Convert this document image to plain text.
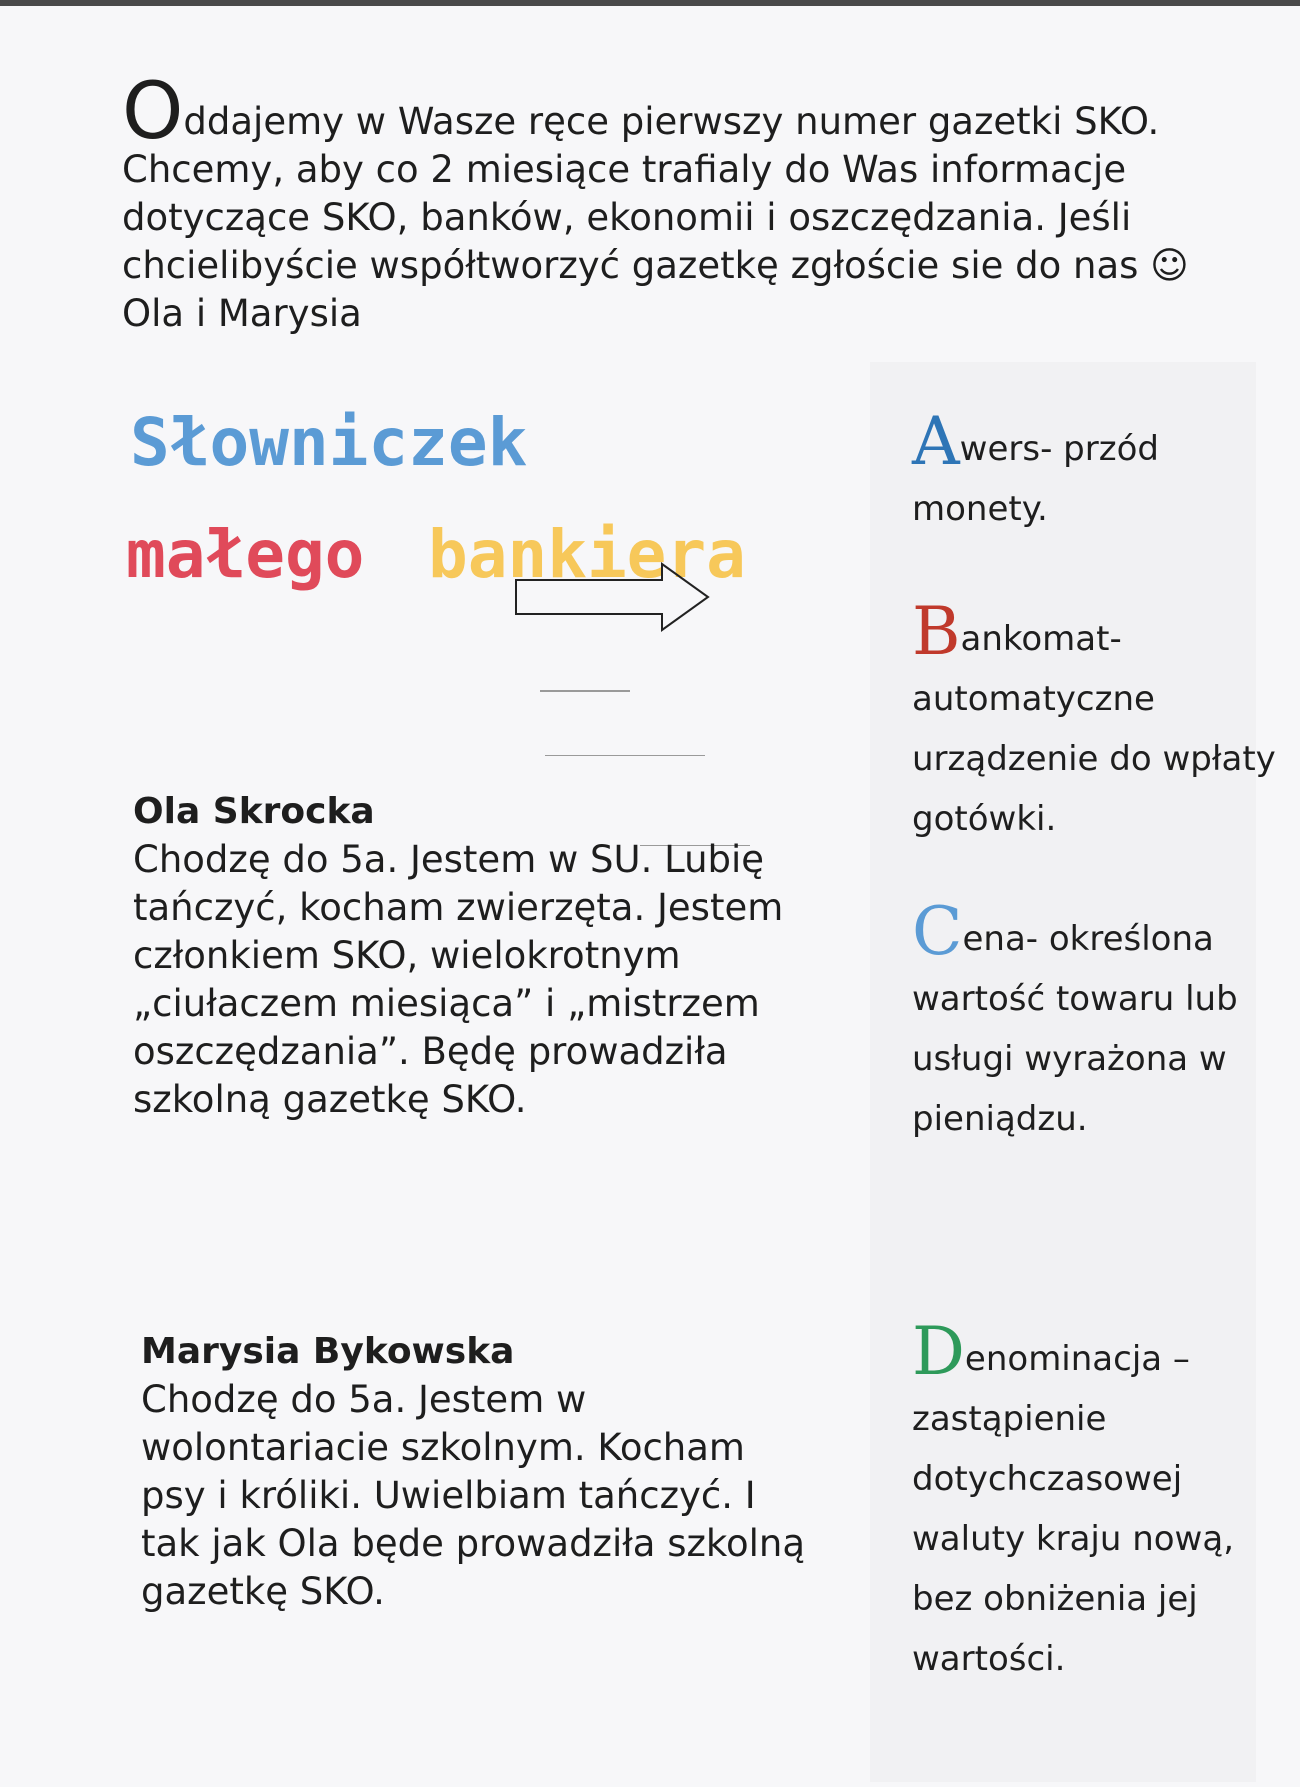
Oddajemy w Wasze ręce pierwszy numer gazetki SKO.

Chcemy, aby co 2 miesiące trafialy do Was informacje dotyczące SKO, banków, ekonomii i oszczędzania. Jeśli chcielibyście współtworzyć gazetkę zgłoście sie do nas ☺

Ola i Marysia

Słowniczek
małego bankiera
Ola Skrocka
Chodzę do 5a. Jestem w SU. Lubię tańczyć, kocham zwierzęta. Jestem członkiem SKO, wielokrotnym „ciułaczem miesiąca” i „mistrzem oszczędzania”. Będę prowadziła szkolną gazetkę SKO.
Marysia Bykowska
Chodzę do 5a. Jestem w wolontariacie szkolnym. Kocham psy i króliki. Uwielbiam tańczyć. I tak jak Ola będe prowadziła szkolną gazetkę SKO.
Awers- przód monety.
Bankomat- automatyczne urządzenie do wpłaty gotówki.
Cena- określona wartość towaru lub usługi wyrażona w pieniądzu.
Denominacja – zastąpienie dotychczasowej waluty kraju nową, bez obniżenia jej wartości.
